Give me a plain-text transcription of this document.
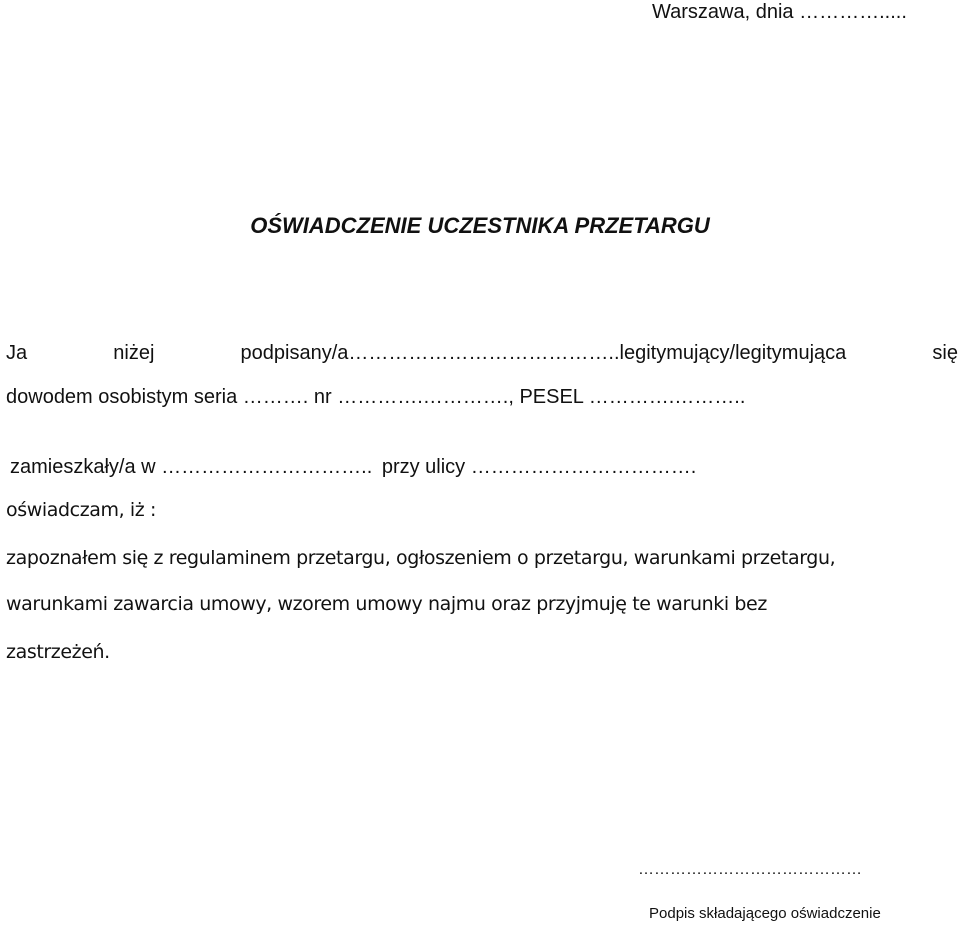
Warszawa, dnia ………….....

OŚWIADCZENIE UCZESTNIKA PRZETARGU
Ja	niżej	podpisany/a…………………………………..legitymujący/legitymująca	się

dowodem osobistym seria ………. nr ………….…………., PESEL ………….………..

zamieszkały/a w ………………………….. przy ulicy …………………………….

oświadczam, iż :

zapoznałem się z regulaminem przetargu, ogłoszeniem o przetargu, warunkami przetargu,

warunkami zawarcia umowy, wzorem umowy najmu oraz przyjmuję te warunki bez

zastrzeżeń.

……………………………………

Podpis składającego oświadczenie
